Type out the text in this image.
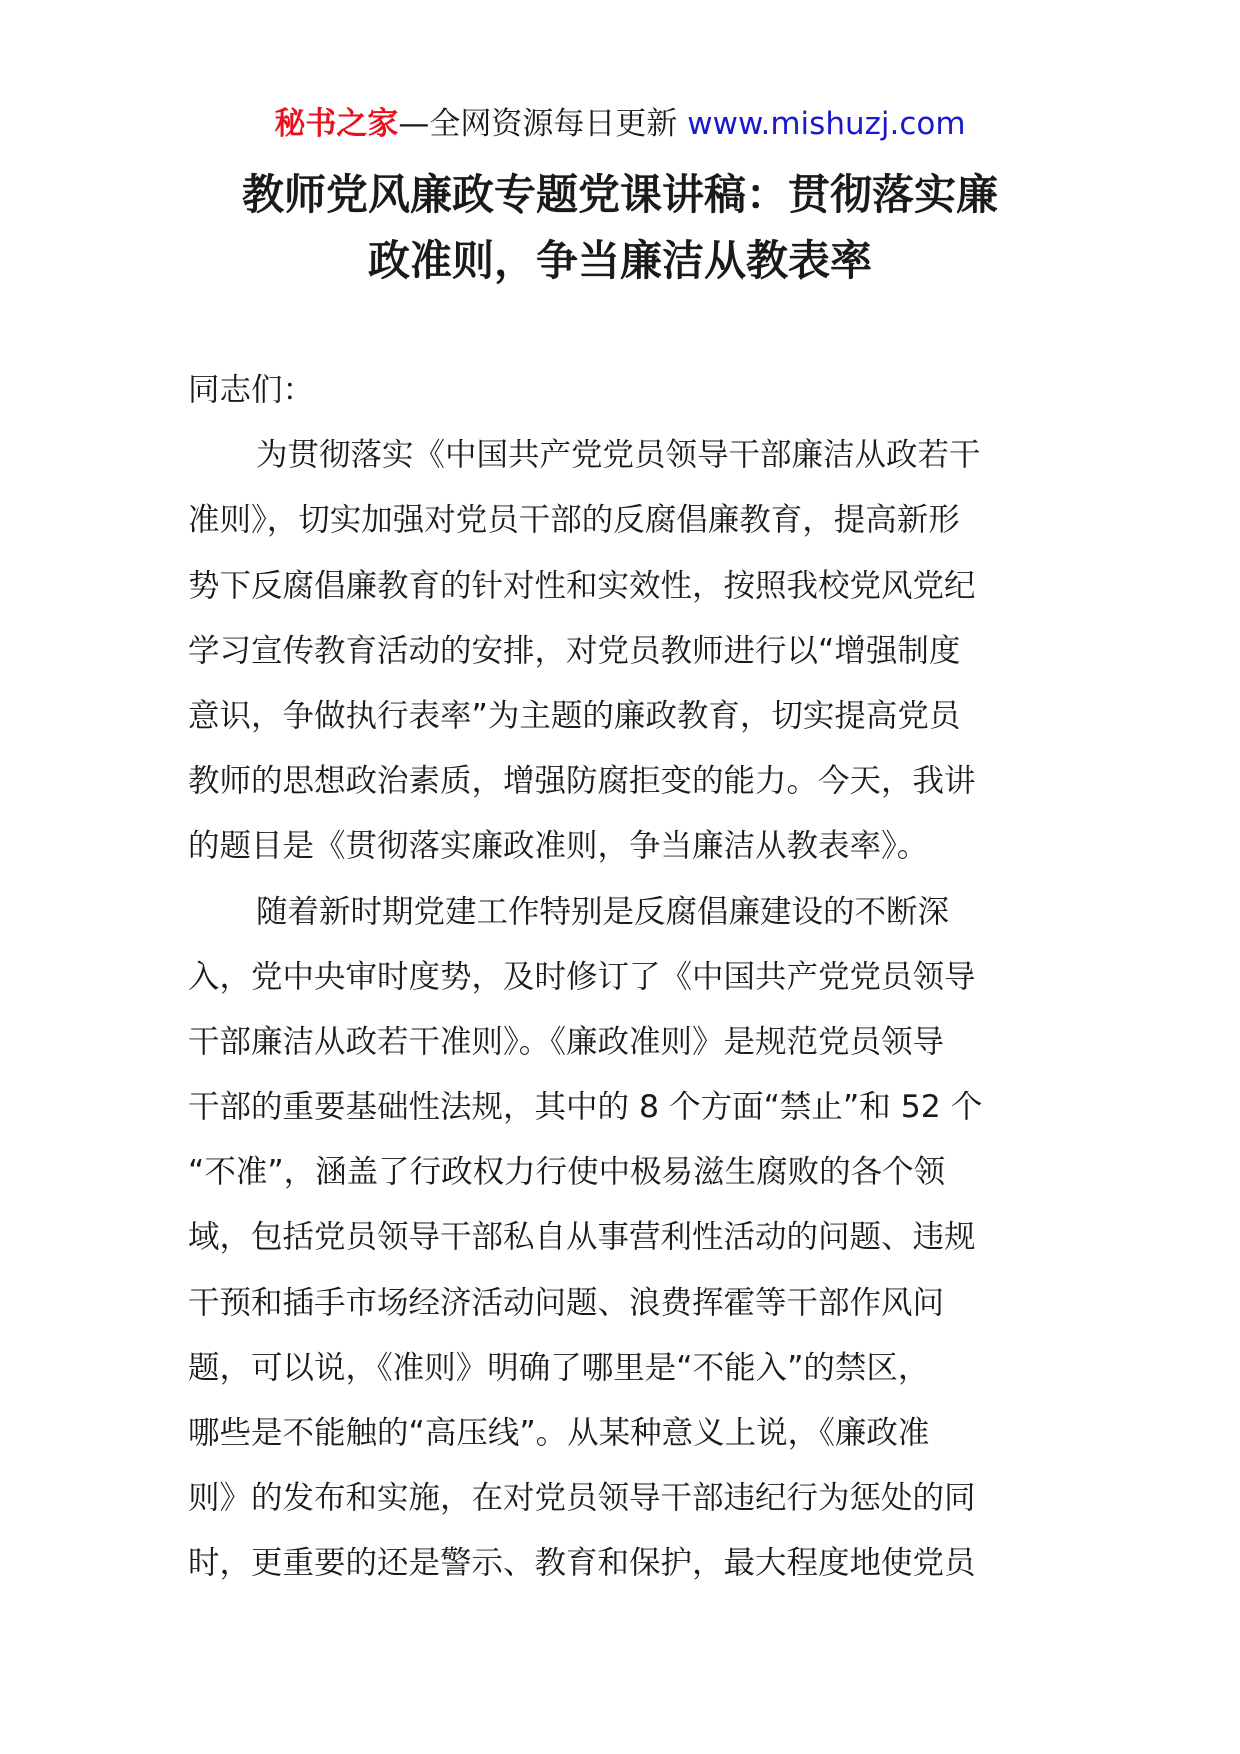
秘书之家—全网资源每日更新 www.mishuzj.com
教师党风廉政专题党课讲稿：贯彻落实廉
政准则，争当廉洁从教表率
同志们：
为贯彻落实《中国共产党党员领导干部廉洁从政若干
准则》，切实加强对党员干部的反腐倡廉教育，提高新形
势下反腐倡廉教育的针对性和实效性，按照我校党风党纪
学习宣传教育活动的安排，对党员教师进行以“增强制度
意识，争做执行表率”为主题的廉政教育，切实提高党员
教师的思想政治素质，增强防腐拒变的能力。今天，我讲
的题目是《贯彻落实廉政准则，争当廉洁从教表率》。
随着新时期党建工作特别是反腐倡廉建设的不断深
入，党中央审时度势，及时修订了《中国共产党党员领导
干部廉洁从政若干准则》。《廉政准则》是规范党员领导
干部的重要基础性法规，其中的 8 个方面“禁止”和 52 个
“不准”，涵盖了行政权力行使中极易滋生腐败的各个领
域，包括党员领导干部私自从事营利性活动的问题、违规
干预和插手市场经济活动问题、浪费挥霍等干部作风问
题，可以说，《准则》明确了哪里是“不能入”的禁区，
哪些是不能触的“高压线”。从某种意义上说，《廉政准
则》的发布和实施，在对党员领导干部违纪行为惩处的同
时，更重要的还是警示、教育和保护，最大程度地使党员
